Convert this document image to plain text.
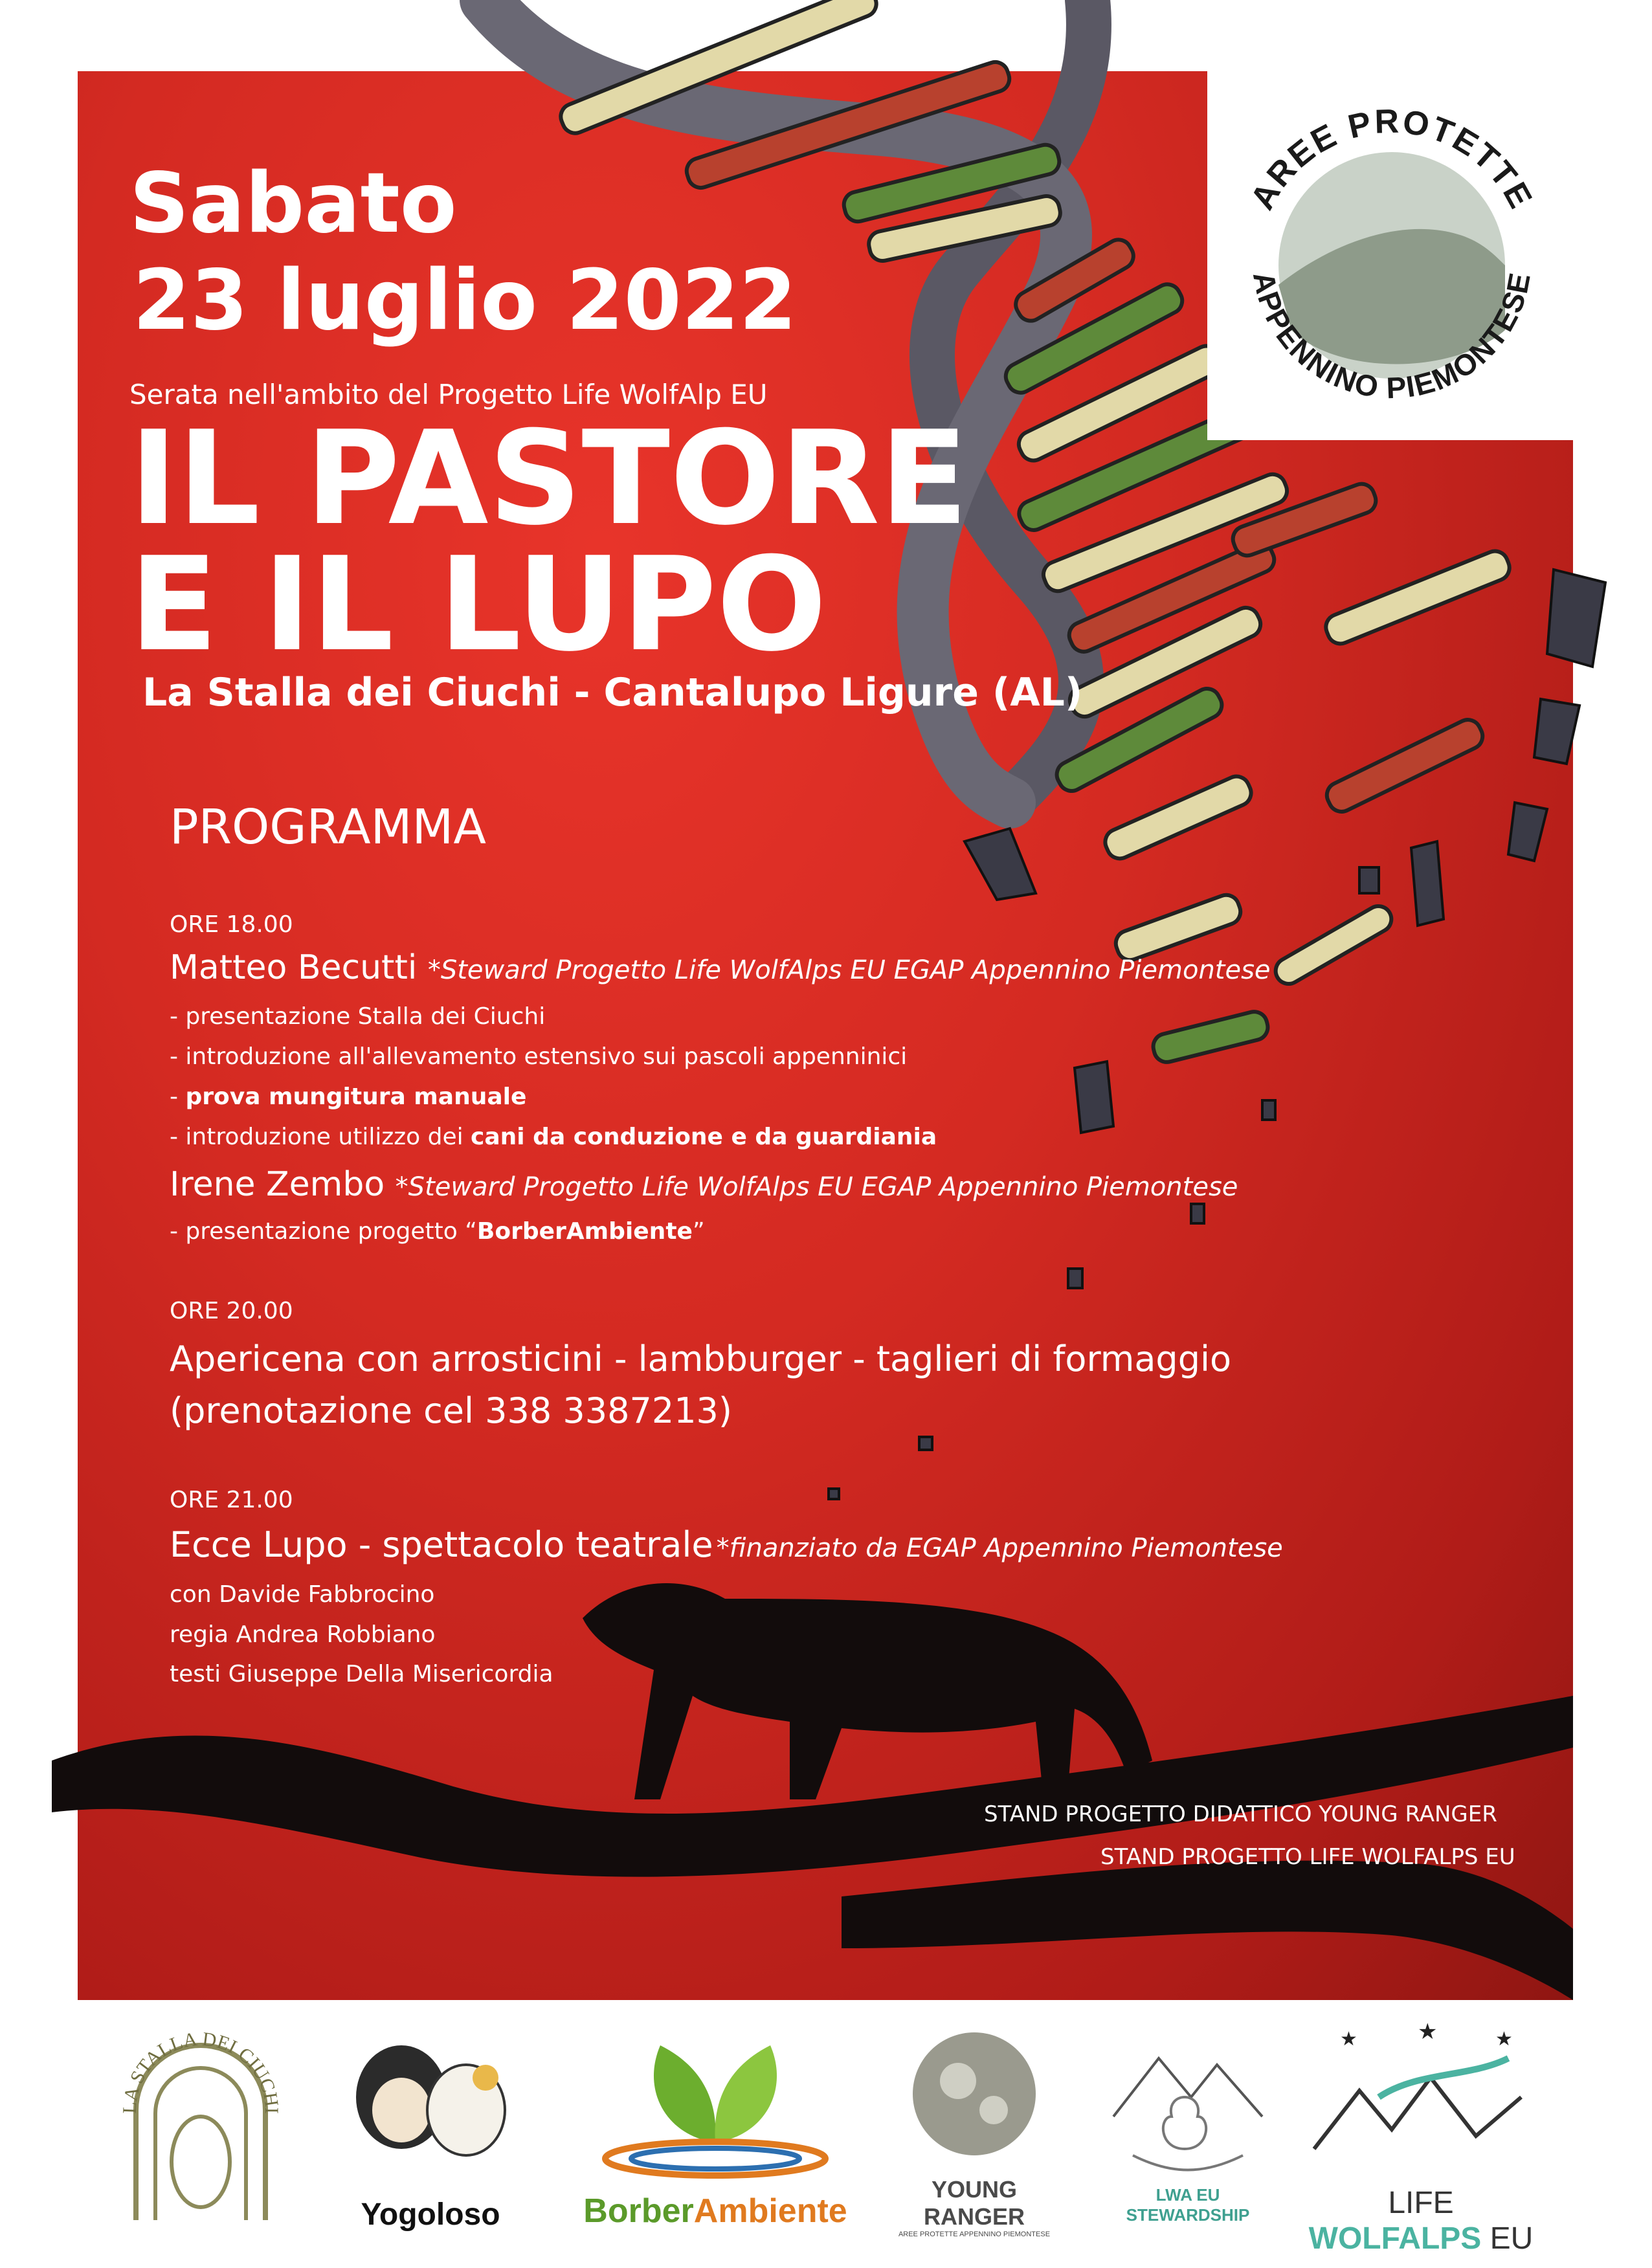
AREE PROTETTE
APPENNINO PIEMONTESE
Sabato
23 luglio 2022
Serata nell'ambito del Progetto Life WolfAlp EU
IL PASTORE
E IL LUPO
La Stalla dei Ciuchi - Cantalupo Ligure (AL)
PROGRAMMA
ORE 18.00
Matteo Becutti *Steward Progetto Life WolfAlps EU EGAP Appennino Piemontese
- presentazione Stalla dei Ciuchi
- introduzione all'allevamento estensivo sui pascoli appenninici
- prova mungitura manuale
- introduzione utilizzo dei cani da conduzione e da guardiania
Irene Zembo *Steward Progetto Life WolfAlps EU EGAP Appennino Piemontese
- presentazione progetto “BorberAmbiente”
ORE 20.00
Apericena con arrosticini - lambburger - taglieri di formaggio
(prenotazione cel 338 3387213)
ORE 21.00
Ecce Lupo - spettacolo teatrale *finanziato da EGAP Appennino Piemontese
con Davide Fabbrocino
regia Andrea Robbiano
testi Giuseppe Della Misericordia
STAND PROGETTO DIDATTICO YOUNG RANGER
STAND PROGETTO LIFE WOLFALPS EU
LA STALLA DEI CIUCHI
Yogoloso	BorberAmbiente
YOUNG RANGER
AREE PROTETTE APPENNINO PIEMONTESE
LWA EU STEWARDSHIP
★	★	★
LIFE WOLFALPS EU
